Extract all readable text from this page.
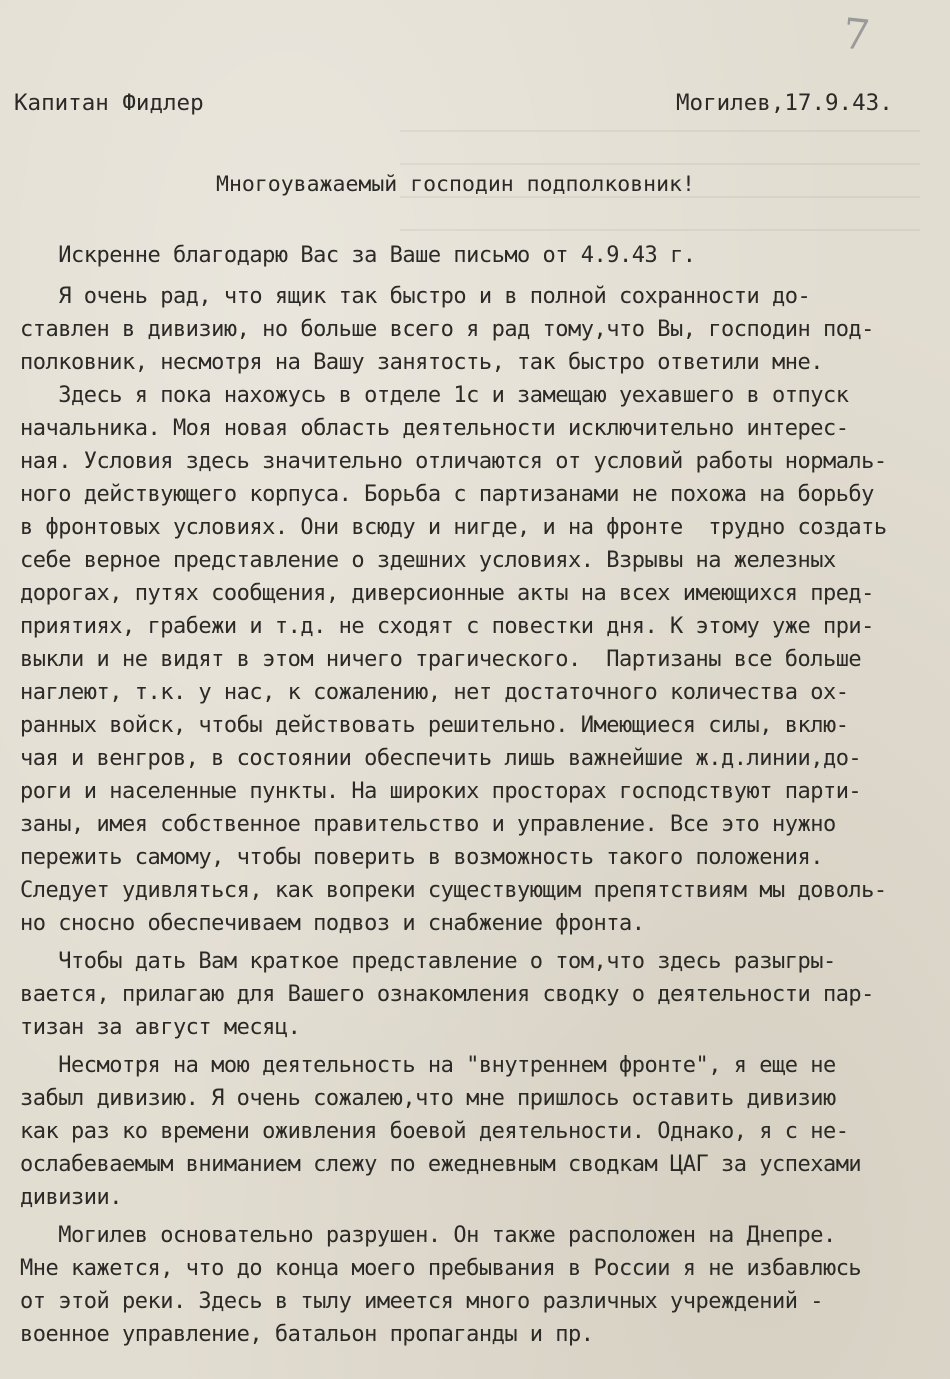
7
Капитан Фидлер	Могилев,17.9.43.
Многоуважаемый господин подполковник!
Искренне благодарю Вас за Ваше письмо от 4.9.43 г.
Я очень рад, что ящик так быстро и в полной сохранности до-
ставлен в дивизию, но больше всего я рад тому,что Вы, господин под-
полковник, несмотря на Вашу занятость, так быстро ответили мне.
Здесь я пока нахожусь в отделе 1с и замещаю уехавшего в отпуск
начальника. Моя новая область деятельности исключительно интерес-
ная. Условия здесь значительно отличаются от условий работы нормаль-
ного действующего корпуса. Борьба с партизанами не похожа на борьбу
в фронтовых условиях. Они всюду и нигде, и на фронте  трудно создать
себе верное представление о здешних условиях. Взрывы на железных
дорогах, путях сообщения, диверсионные акты на всех имеющихся пред-
приятиях, грабежи и т.д. не сходят с повестки дня. К этому уже при-
выкли и не видят в этом ничего трагического.  Партизаны все больше
наглеют, т.к. у нас, к сожалению, нет достаточного количества ох-
ранных войск, чтобы действовать решительно. Имеющиеся силы, вклю-
чая и венгров, в состоянии обеспечить лишь важнейшие ж.д.линии,до-
роги и населенные пункты. На широких просторах господствуют парти-
заны, имея собственное правительство и управление. Все это нужно
пережить самому, чтобы поверить в возможность такого положения.
Следует удивляться, как вопреки существующим препятствиям мы доволь-
но сносно обеспечиваем подвоз и снабжение фронта.
Чтобы дать Вам краткое представление о том,что здесь разыгры-
вается, прилагаю для Вашего ознакомления сводку о деятельности пар-
тизан за август месяц.
Несмотря на мою деятельность на "внутреннем фронте", я еще не
забыл дивизию. Я очень сожалею,что мне пришлось оставить дивизию
как раз ко времени оживления боевой деятельности. Однако, я с не-
ослабеваемым вниманием слежу по ежедневным сводкам ЦАГ за успехами
дивизии.
Могилев основательно разрушен. Он также расположен на Днепре.
Мне кажется, что до конца моего пребывания в России я не избавлюсь
от этой реки. Здесь в тылу имеется много различных учреждений -
военное управление, батальон пропаганды и пр.
